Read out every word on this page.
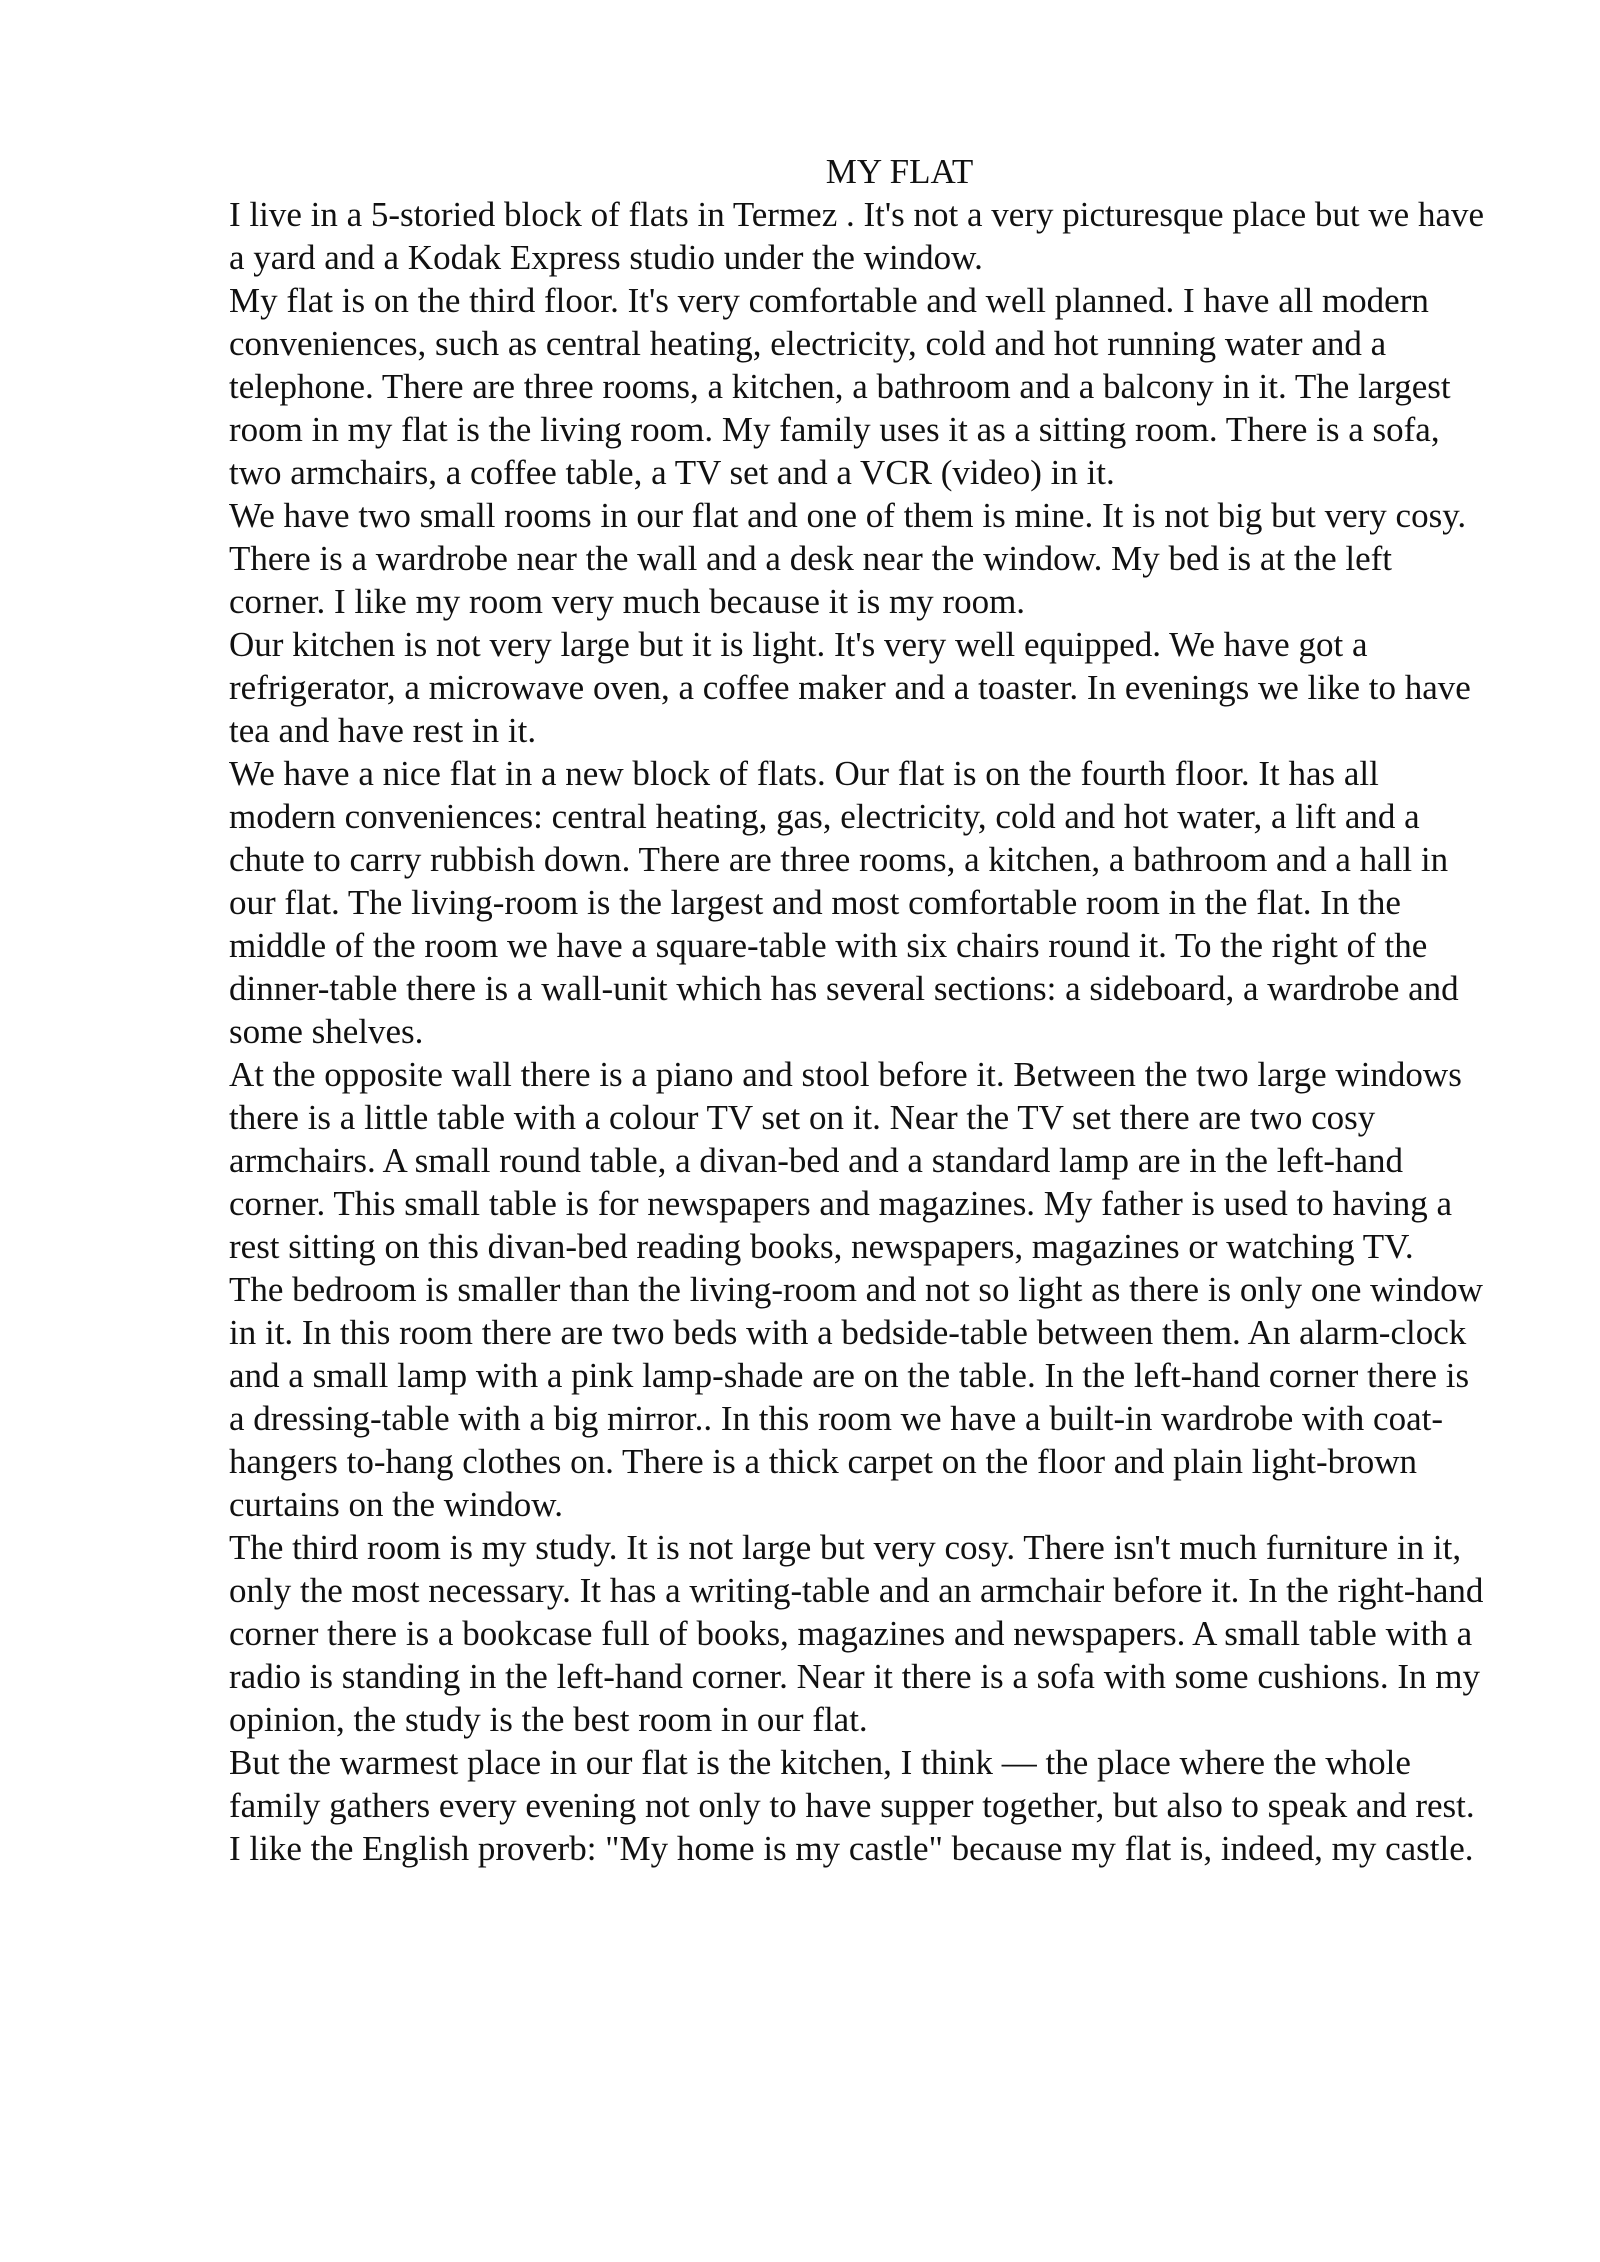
MY FLAT

I live in a 5-storied block of flats in Termez . It's not a very picturesque place but we have a yard and a Kodak Express studio under the window.

My flat is on the third floor. It's very comfortable and well planned. I have all modern conveniences, such as central heating, electricity, cold and hot running water and a telephone. There are three rooms, a kitchen, a bathroom and a balcony in it. The largest room in my flat is the living room. My family uses it as a sitting room. There is a sofa, two armchairs, a coffee table, a TV set and a VCR (video) in it.

We have two small rooms in our flat and one of them is mine. It is not big but very cosy. There is a wardrobe near the wall and a desk near the window. My bed is at the left corner. I like my room very much because it is my room.

Our kitchen is not very large but it is light. It's very well equipped. We have got a refrigerator, a microwave oven, a coffee maker and a toaster. In evenings we like to have tea and have rest in it.

We have a nice flat in a new block of flats. Our flat is on the fourth floor. It has all modern conveniences: central heating, gas, electricity, cold and hot water, a lift and a chute to carry rubbish down. There are three rooms, a kitchen, a bathroom and a hall in our flat. The living-room is the largest and most comfortable room in the flat. In the middle of the room we have a square-table with six chairs round it. To the right of the dinner-table there is a wall-unit which has several sections: a sideboard, a wardrobe and some shelves.

At the opposite wall there is a piano and stool before it. Between the two large windows there is a little table with a colour TV set on it. Near the TV set there are two cosy armchairs. A small round table, a divan-bed and a standard lamp are in the left-hand corner. This small table is for newspapers and magazines. My father is used to having a rest sitting on this divan-bed reading books, newspapers, magazines or watching TV.

The bedroom is smaller than the living-room and not so light as there is only one window in it. In this room there are two beds with a bedside-table between them. An alarm-clock and a small lamp with a pink lamp-shade are on the table. In the left-hand corner there is a dressing-table with a big mirror.. In this room we have a built-in wardrobe with coat-hangers to-hang clothes on. There is a thick carpet on the floor and plain light-brown curtains on the window.

The third room is my study. It is not large but very cosy. There isn't much furniture in it, only the most necessary. It has a writing-table and an armchair before it. In the right-hand corner there is a bookcase full of books, magazines and newspapers. A small table with a radio is standing in the left-hand corner. Near it there is a sofa with some cushions. In my opinion, the study is the best room in our flat.

But the warmest place in our flat is the kitchen, I think — the place where the whole family gathers every evening not only to have supper together, but also to speak and rest. I like the English proverb: "My home is my castle" because my flat is, indeed, my castle.
